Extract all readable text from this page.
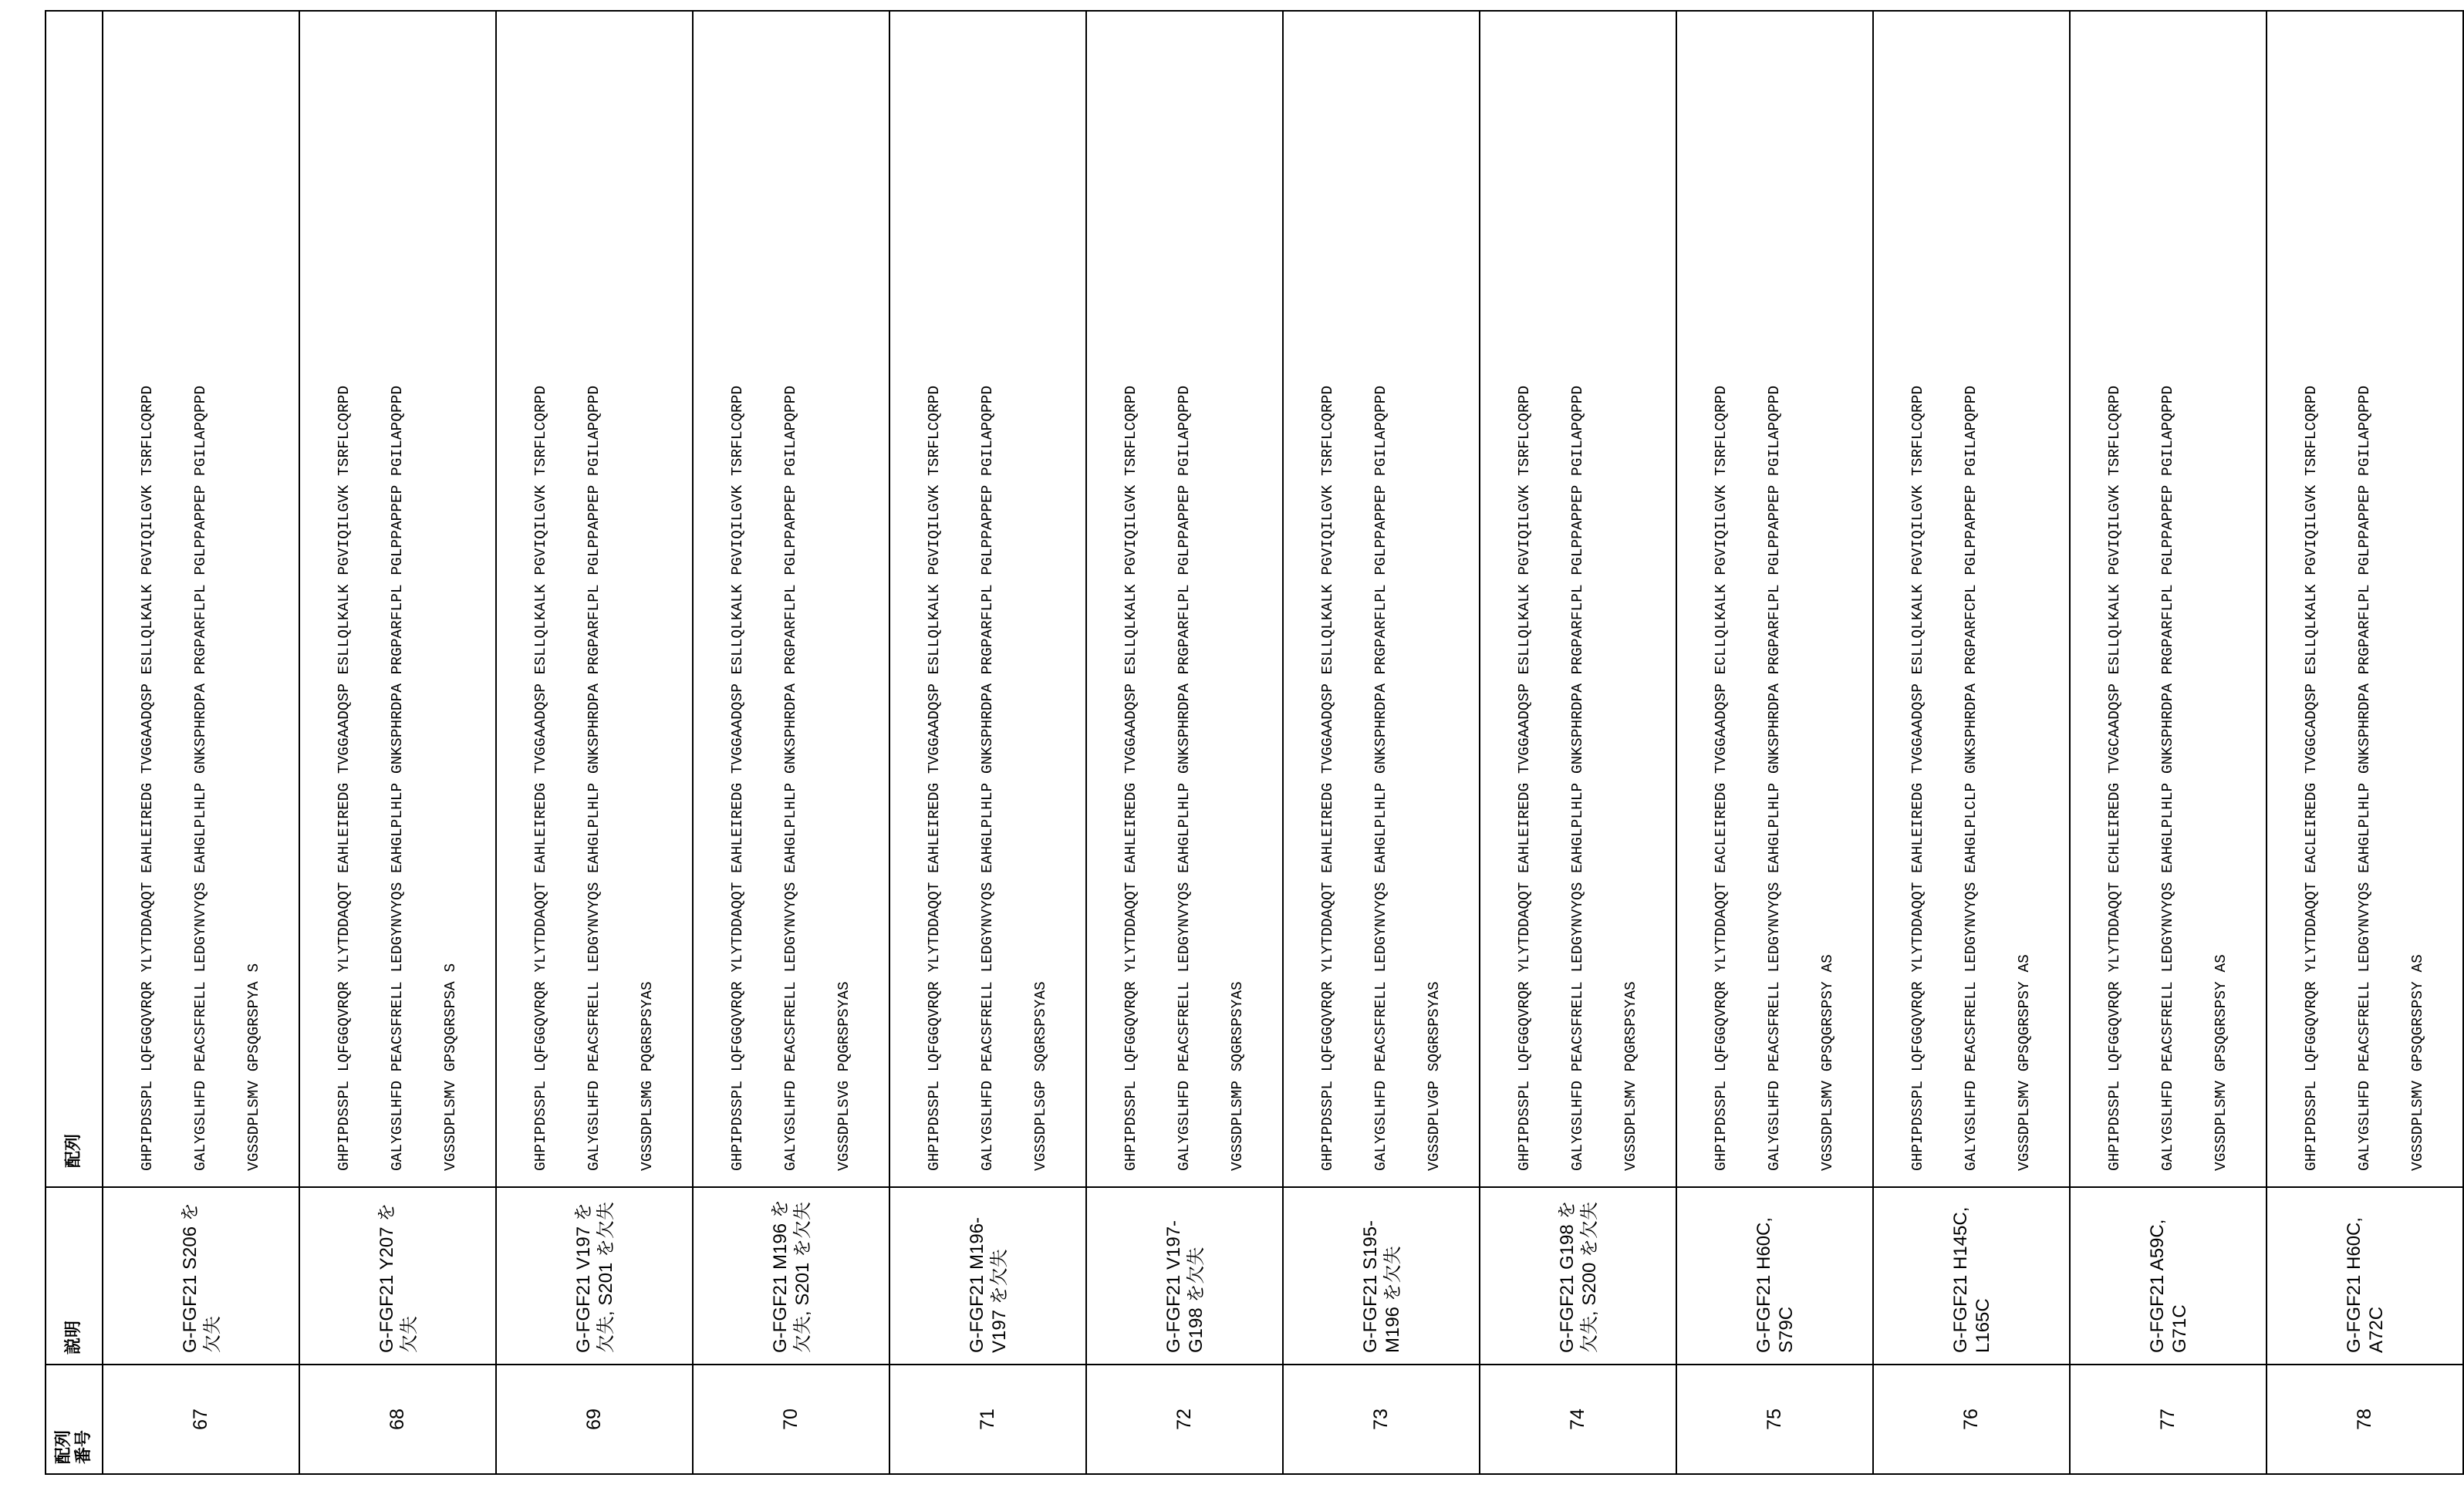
配列
番号	説明	配列
67	G-FGF21 S206 を欠失	GHPIPDSSPL LQFGGQVRQR YLYTDDAQQT EAHLEIREDG TVGGAADQSP ESLLQLKALK PGVIQILGVK TSRFLCQRPD

GALYGSLHFD PEACSFRELL LEDGYNVYQS EAHGLPLHLP GNKSPHRDPA PRGPARFLPL PGLPPAPPEP PGILAPQPPD

VGSSDPLSMV GPSQGRSPYA S

68	G-FGF21 Y207 を欠失	GHPIPDSSPL LQFGGQVRQR YLYTDDAQQT EAHLEIREDG TVGGAADQSP ESLLQLKALK PGVIQILGVK TSRFLCQRPD

GALYGSLHFD PEACSFRELL LEDGYNVYQS EAHGLPLHLP GNKSPHRDPA PRGPARFLPL PGLPPAPPEP PGILAPQPPD

VGSSDPLSMV GPSQGRSPSA S

69	G-FGF21 V197 を欠失, S201 を欠失	GHPIPDSSPL LQFGGQVRQR YLYTDDAQQT EAHLEIREDG TVGGAADQSP ESLLQLKALK PGVIQILGVK TSRFLCQRPD

GALYGSLHFD PEACSFRELL LEDGYNVYQS EAHGLPLHLP GNKSPHRDPA PRGPARFLPL PGLPPAPPEP PGILAPQPPD

VGSSDPLSMG PQGRSPSYAS

70	G-FGF21 M196 を欠失, S201 を欠失	GHPIPDSSPL LQFGGQVRQR YLYTDDAQQT EAHLEIREDG TVGGAADQSP ESLLQLKALK PGVIQILGVK TSRFLCQRPD

GALYGSLHFD PEACSFRELL LEDGYNVYQS EAHGLPLHLP GNKSPHRDPA PRGPARFLPL PGLPPAPPEP PGILAPQPPD

VGSSDPLSVG PQGRSPSYAS

71	G-FGF21 M196-V197 を欠失	GHPIPDSSPL LQFGGQVRQR YLYTDDAQQT EAHLEIREDG TVGGAADQSP ESLLQLKALK PGVIQILGVK TSRFLCQRPD

GALYGSLHFD PEACSFRELL LEDGYNVYQS EAHGLPLHLP GNKSPHRDPA PRGPARFLPL PGLPPAPPEP PGILAPQPPD

VGSSDPLSGP SQGRSPSYAS

72	G-FGF21 V197-G198 を欠失	GHPIPDSSPL LQFGGQVRQR YLYTDDAQQT EAHLEIREDG TVGGAADQSP ESLLQLKALK PGVIQILGVK TSRFLCQRPD

GALYGSLHFD PEACSFRELL LEDGYNVYQS EAHGLPLHLP GNKSPHRDPA PRGPARFLPL PGLPPAPPEP PGILAPQPPD

VGSSDPLSMP SQGRSPSYAS

73	G-FGF21 S195-M196 を欠失	GHPIPDSSPL LQFGGQVRQR YLYTDDAQQT EAHLEIREDG TVGGAADQSP ESLLQLKALK PGVIQILGVK TSRFLCQRPD

GALYGSLHFD PEACSFRELL LEDGYNVYQS EAHGLPLHLP GNKSPHRDPA PRGPARFLPL PGLPPAPPEP PGILAPQPPD

VGSSDPLVGP SQGRSPSYAS

74	G-FGF21 G198 を欠失, S200 を欠失	GHPIPDSSPL LQFGGQVRQR YLYTDDAQQT EAHLEIREDG TVGGAADQSP ESLLQLKALK PGVIQILGVK TSRFLCQRPD

GALYGSLHFD PEACSFRELL LEDGYNVYQS EAHGLPLHLP GNKSPHRDPA PRGPARFLPL PGLPPAPPEP PGILAPQPPD

VGSSDPLSMV PQGRSPSYAS

75	G-FGF21 H60C, S79C	GHPIPDSSPL LQFGGQVRQR YLYTDDAQQT EACLEIREDG TVGGAADQSP ECLLQLKALK PGVIQILGVK TSRFLCQRPD

GALYGSLHFD PEACSFRELL LEDGYNVYQS EAHGLPLHLP GNKSPHRDPA PRGPARFLPL PGLPPAPPEP PGILAPQPPD

VGSSDPLSMV GPSQGRSPSY AS

76	G-FGF21 H145C, L165C	GHPIPDSSPL LQFGGQVRQR YLYTDDAQQT EAHLEIREDG TVGGAADQSP ESLLQLKALK PGVIQILGVK TSRFLCQRPD

GALYGSLHFD PEACSFRELL LEDGYNVYQS EAHGLPLCLP GNKSPHRDPA PRGPARFCPL PGLPPAPPEP PGILAPQPPD

VGSSDPLSMV GPSQGRSPSY AS

77	G-FGF21 A59C, G71C	GHPIPDSSPL LQFGGQVRQR YLYTDDAQQT ECHLEIREDG TVGCAADQSP ESLLQLKALK PGVIQILGVK TSRFLCQRPD

GALYGSLHFD PEACSFRELL LEDGYNVYQS EAHGLPLHLP GNKSPHRDPA PRGPARFLPL PGLPPAPPEP PGILAPQPPD

VGSSDPLSMV GPSQGRSPSY AS

78	G-FGF21 H60C, A72C	GHPIPDSSPL LQFGGQVRQR YLYTDDAQQT EACLEIREDG TVGGCADQSP ESLLQLKALK PGVIQILGVK TSRFLCQRPD

GALYGSLHFD PEACSFRELL LEDGYNVYQS EAHGLPLHLP GNKSPHRDPA PRGPARFLPL PGLPPAPPEP PGILAPQPPD

VGSSDPLSMV GPSQGRSPSY AS
